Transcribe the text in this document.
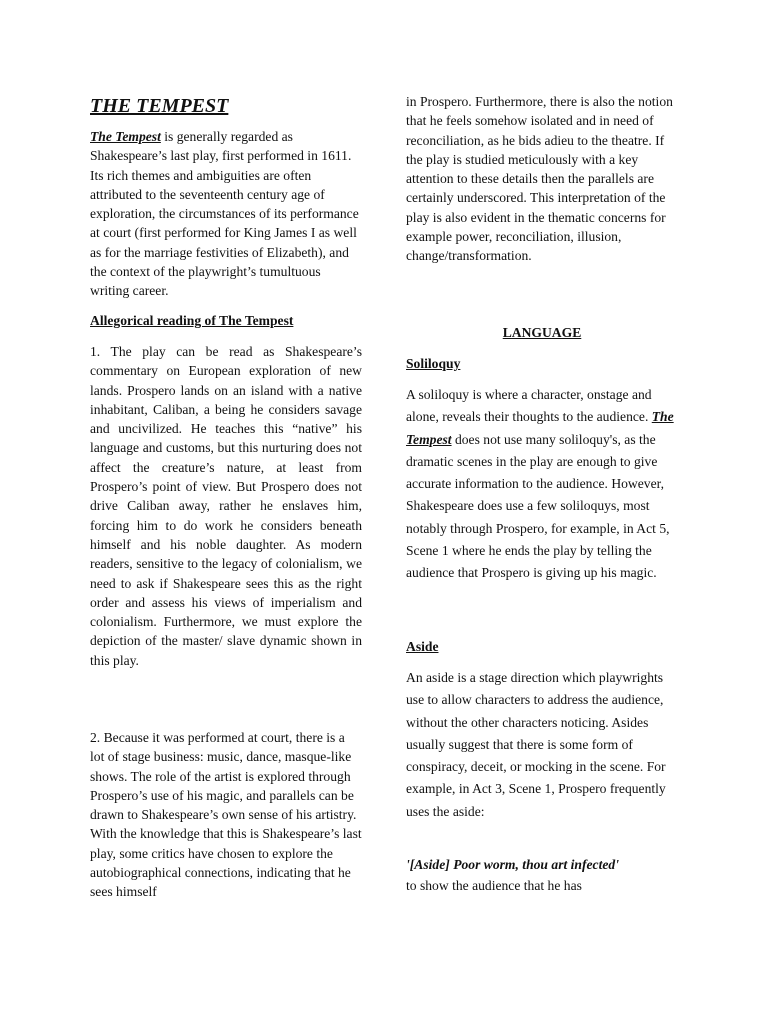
THE TEMPEST

The Tempest is generally regarded as Shakespeare’s last play, first performed in 1611. Its rich themes and ambiguities are often attributed to the seventeenth century age of exploration, the circumstances of its performance at court (first performed for King James I as well as for the marriage festivities of Elizabeth), and the context of the playwright’s tumultuous writing career.

Allegorical reading of The Tempest

1. The play can be read as Shakespeare’s commentary on European exploration of new lands. Prospero lands on an island with a native inhabitant, Caliban, a being he considers savage and uncivilized. He teaches this “native” his language and customs, but this nurturing does not affect the creature’s nature, at least from Prospero’s point of view. But Prospero does not drive Caliban away, rather he enslaves him, forcing him to do work he considers beneath himself and his noble daughter. As modern readers, sensitive to the legacy of colonialism, we need to ask if Shakespeare sees this as the right order and assess his views of imperialism and colonialism. Furthermore, we must explore the depiction of the master/ slave dynamic shown in this play.

2. Because it was performed at court, there is a lot of stage business: music, dance, masque-like shows. The role of the artist is explored through Prospero’s use of his magic, and parallels can be drawn to Shakespeare’s own sense of his artistry. With the knowledge that this is Shakespeare’s last play, some critics have chosen to explore the autobiographical connections, indicating that he sees himself

in Prospero. Furthermore, there is also the notion that he feels somehow isolated and in need of reconciliation, as he bids adieu to the theatre. If the play is studied meticulously with a key attention to these details then the parallels are certainly underscored. This interpretation of the play is also evident in the thematic concerns for example power, reconciliation, illusion, change/transformation.

LANGUAGE
Soliloquy

A soliloquy is where a character, onstage and alone, reveals their thoughts to the audience. The Tempest does not use many soliloquy's, as the dramatic scenes in the play are enough to give accurate information to the audience. However, Shakespeare does use a few soliloquys, most notably through Prospero, for example, in Act 5, Scene 1 where he ends the play by telling the audience that Prospero is giving up his magic.

Aside

An aside is a stage direction which playwrights use to allow characters to address the audience, without the other characters noticing. Asides usually suggest that there is some form of conspiracy, deceit, or mocking in the scene. For example, in Act 3, Scene 1, Prospero frequently uses the aside:

'[Aside] Poor worm, thou art infected'

to show the audience that he has
